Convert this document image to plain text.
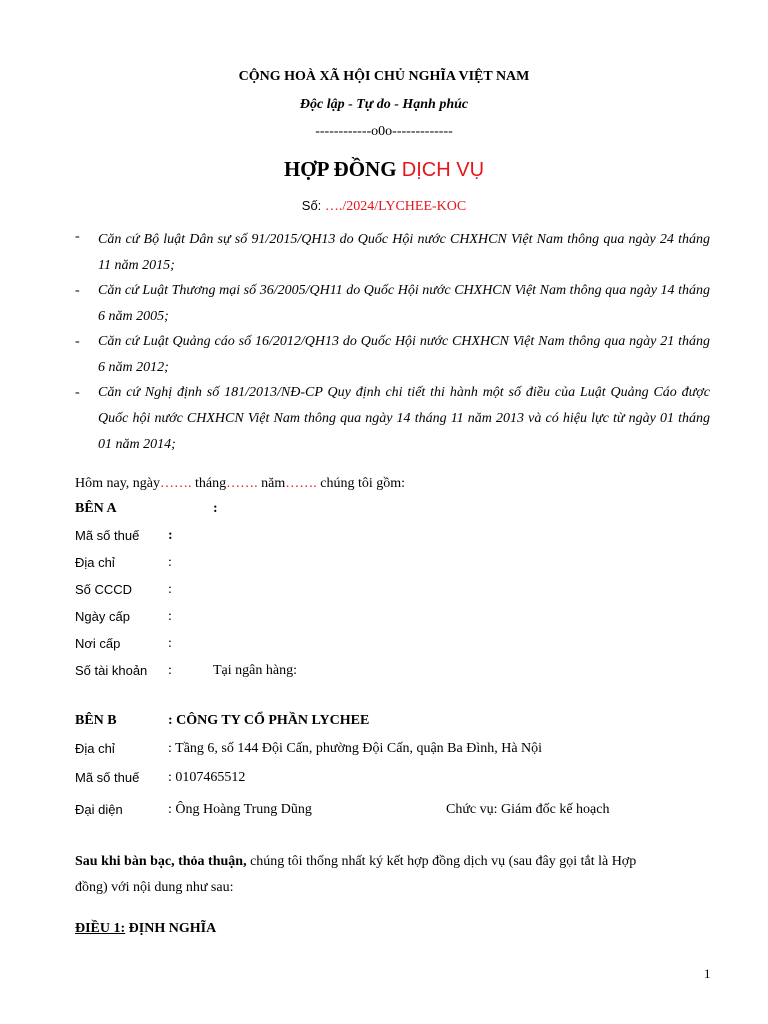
CỘNG HOÀ XÃ HỘI CHỦ NGHĨA VIỆT NAM
Độc lập - Tự do - Hạnh phúc
------------o0o-------------
HỢP ĐỒNG DỊCH VỤ
Số: …./2024/LYCHEE-KOC
- Căn cứ Bộ luật Dân sự số 91/2015/QH13 do Quốc Hội nước CHXHCN Việt Nam thông qua ngày 24 tháng 11 năm 2015;
- Căn cứ Luật Thương mại số 36/2005/QH11 do Quốc Hội nước CHXHCN Việt Nam thông qua ngày 14 tháng 6 năm 2005;
- Căn cứ Luật Quảng cáo số 16/2012/QH13 do Quốc Hội nước CHXHCN Việt Nam thông qua ngày 21 tháng 6 năm 2012;
- Căn cứ Nghị định số 181/2013/NĐ-CP Quy định chi tiết thi hành một số điều của Luật Quảng Cáo được Quốc hội nước CHXHCN Việt Nam thông qua ngày 14 tháng 11 năm 2013 và có hiệu lực từ ngày 01 tháng 01 năm 2014;
Hôm nay, ngày……. tháng……. năm……. chúng tôi gồm:
BÊN A	:
Mã số thuế :
Địa chỉ	:
Số CCCD	:
Ngày cấp	:
Nơi cấp	:
Số tài khoản :	Tại ngân hàng:
BÊN B	: CÔNG TY CỔ PHẦN LYCHEE
Địa chỉ	: Tầng 6, số 144 Đội Cấn, phường Đội Cấn, quận Ba Đình, Hà Nội
Mã số thuế : 0107465512
Đại diện	: Ông Hoàng Trung Dũng	Chức vụ: Giám đốc kế hoạch
Sau khi bàn bạc, thỏa thuận, chúng tôi thống nhất ký kết hợp đồng dịch vụ (sau đây gọi tắt là Hợp
đồng) với nội dung như sau:
ĐIỀU 1: ĐỊNH NGHĨA
1
